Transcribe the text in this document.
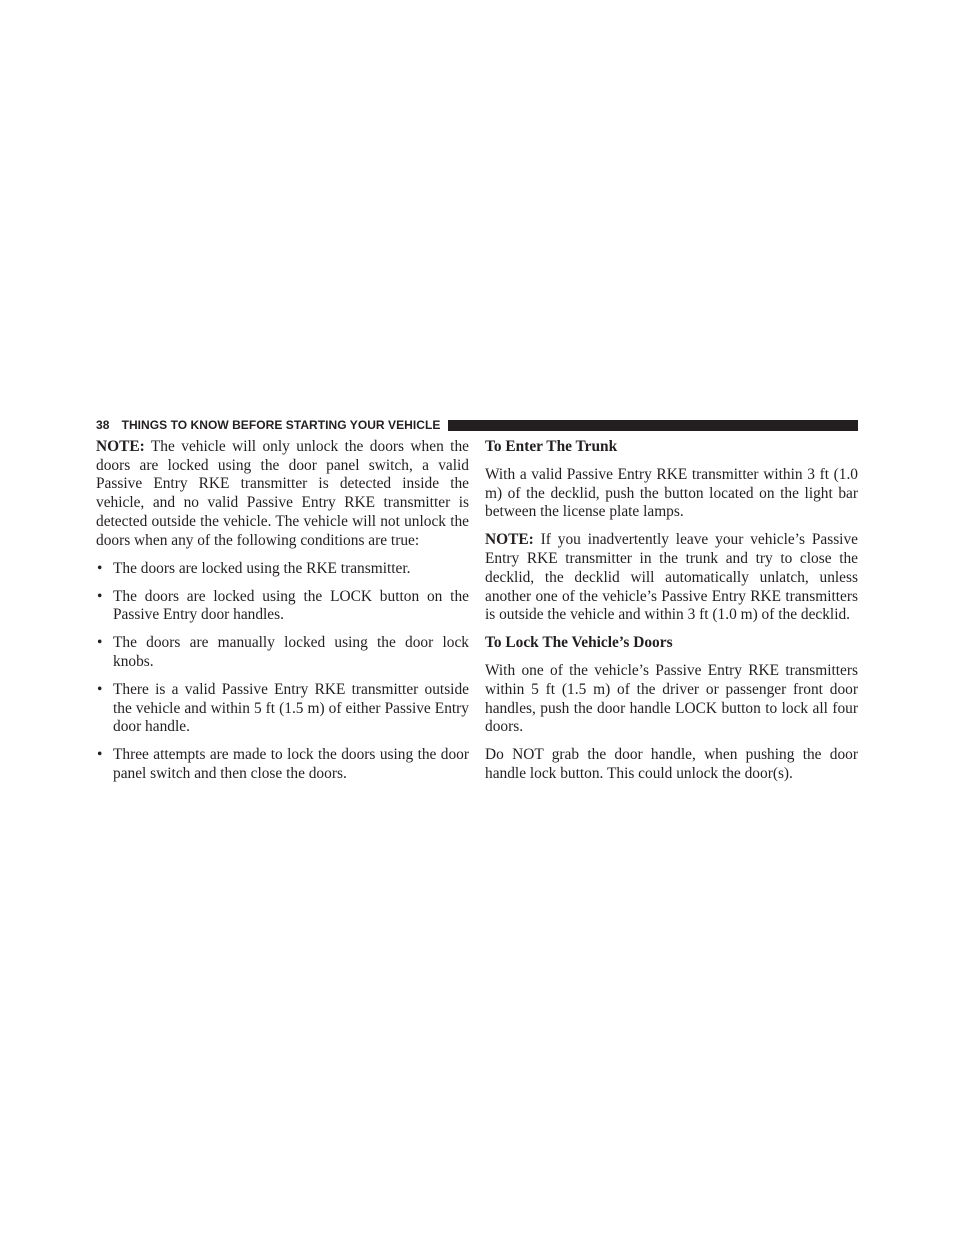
38 THINGS TO KNOW BEFORE STARTING YOUR VEHICLE

NOTE: The vehicle will only unlock the doors when the doors are locked using the door panel switch, a valid Passive Entry RKE transmitter is detected inside the vehicle, and no valid Passive Entry RKE transmitter is detected outside the vehicle. The vehicle will not unlock the doors when any of the following conditions are true:

• The doors are locked using the RKE transmitter.
• The doors are locked using the LOCK button on the Passive Entry door handles.
• The doors are manually locked using the door lock knobs.
• There is a valid Passive Entry RKE transmitter outside the vehicle and within 5 ft (1.5 m) of either Passive Entry door handle.
• Three attempts are made to lock the doors using the door panel switch and then close the doors.
To Enter The Trunk

With a valid Passive Entry RKE transmitter within 3 ft (1.0 m) of the decklid, push the button located on the light bar between the license plate lamps.

NOTE: If you inadvertently leave your vehicle’s Passive Entry RKE transmitter in the trunk and try to close the decklid, the decklid will automatically unlatch, unless another one of the vehicle’s Passive Entry RKE transmitters is outside the vehicle and within 3 ft (1.0 m) of the decklid.

To Lock The Vehicle’s Doors

With one of the vehicle’s Passive Entry RKE transmitters within 5 ft (1.5 m) of the driver or passenger front door handles, push the door handle LOCK button to lock all four doors.

Do NOT grab the door handle, when pushing the door handle lock button. This could unlock the door(s).
